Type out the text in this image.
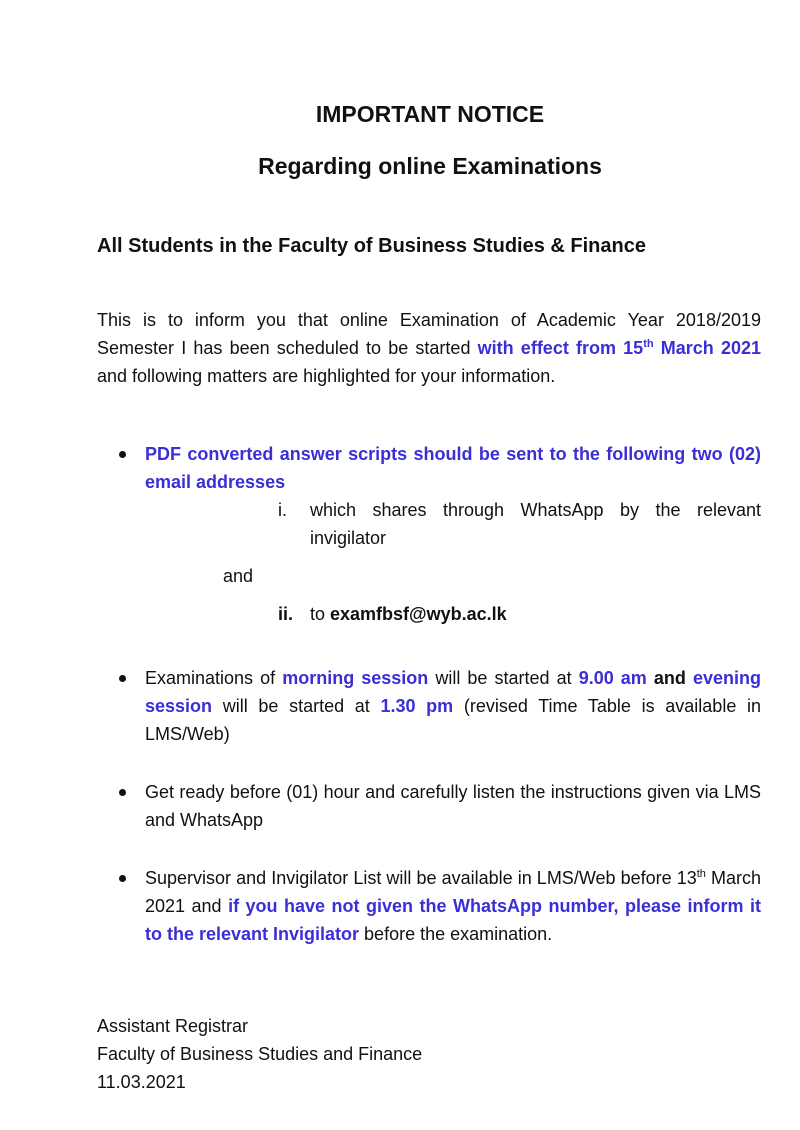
IMPORTANT NOTICE
Regarding online Examinations
All Students in the Faculty of Business Studies & Finance

This is to inform you that online Examination of Academic Year 2018/2019 Semester I has been scheduled to be started with effect from 15th March 2021 and following matters are highlighted for your information.

PDF converted answer scripts should be sent to the following two (02) email addresses
i. which shares through WhatsApp by the relevant invigilator
and
ii. to examfbsf@wyb.ac.lk
Examinations of morning session will be started at 9.00 am and evening session will be started at 1.30 pm (revised Time Table is available in LMS/Web)
Get ready before (01) hour and carefully listen the instructions given via LMS and WhatsApp
Supervisor and Invigilator List will be available in LMS/Web before 13th March 2021 and if you have not given the WhatsApp number, please inform it to the relevant Invigilator before the examination.
Assistant Registrar
Faculty of Business Studies and Finance
11.03.2021
